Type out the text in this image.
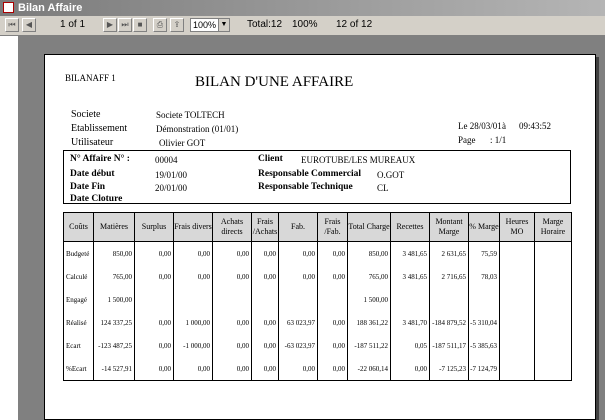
Bilan Affaire
⏮	◀	1 of 1	▶	⏭	■	⎙	⇪	100% ▼ Total:12 100% 12 of 12
BILANAFF 1	BILAN D'UNE AFFAIRE
Societe	Societe TOLTECH
Etablissement	Démonstration (01/01)
Utilisateur	Olivier GOT
Le 28/03/01 à 09:43:52
Page : 1/1
N° Affaire N° :	00004	Client EUROTUBE/LES MUREAUX
Date début	19/01/00	Responsable Commercial O.GOT
Date Fin	20/01/00	Responsable Technique	CL
Date Cloture
Coûts	Matières	Surplus	Frais divers	Achats directs	Frais /Achats	Fab.	Frais /Fab.	Total Charge	Recettes	Montant Marge	% Marge	Heures MO	Marge Horaire
Budgeté	850,00	0,00	0,00	0,00	0,00	0,00	0,00	850,00	3 481,65	2 631,65	75,59		
Calculé	765,00	0,00	0,00	0,00	0,00	0,00	0,00	765,00	3 481,65	2 716,65	78,03		
Engagé	1 500,00							1 500,00					
Réalisé	124 337,25	0,00	1 000,00	0,00	0,00	63 023,97	0,00	188 361,22	3 481,70	-184 879,52	-5 310,04		
Ecart	-123 487,25	0,00	-1 000,00	0,00	0,00	-63 023,97	0,00	-187 511,22	0,05	-187 511,17	-5 385,63		
%Ecart	-14 527,91	0,00	0,00	0,00	0,00	0,00	0,00	-22 060,14	0,00	-7 125,23	-7 124,79		
